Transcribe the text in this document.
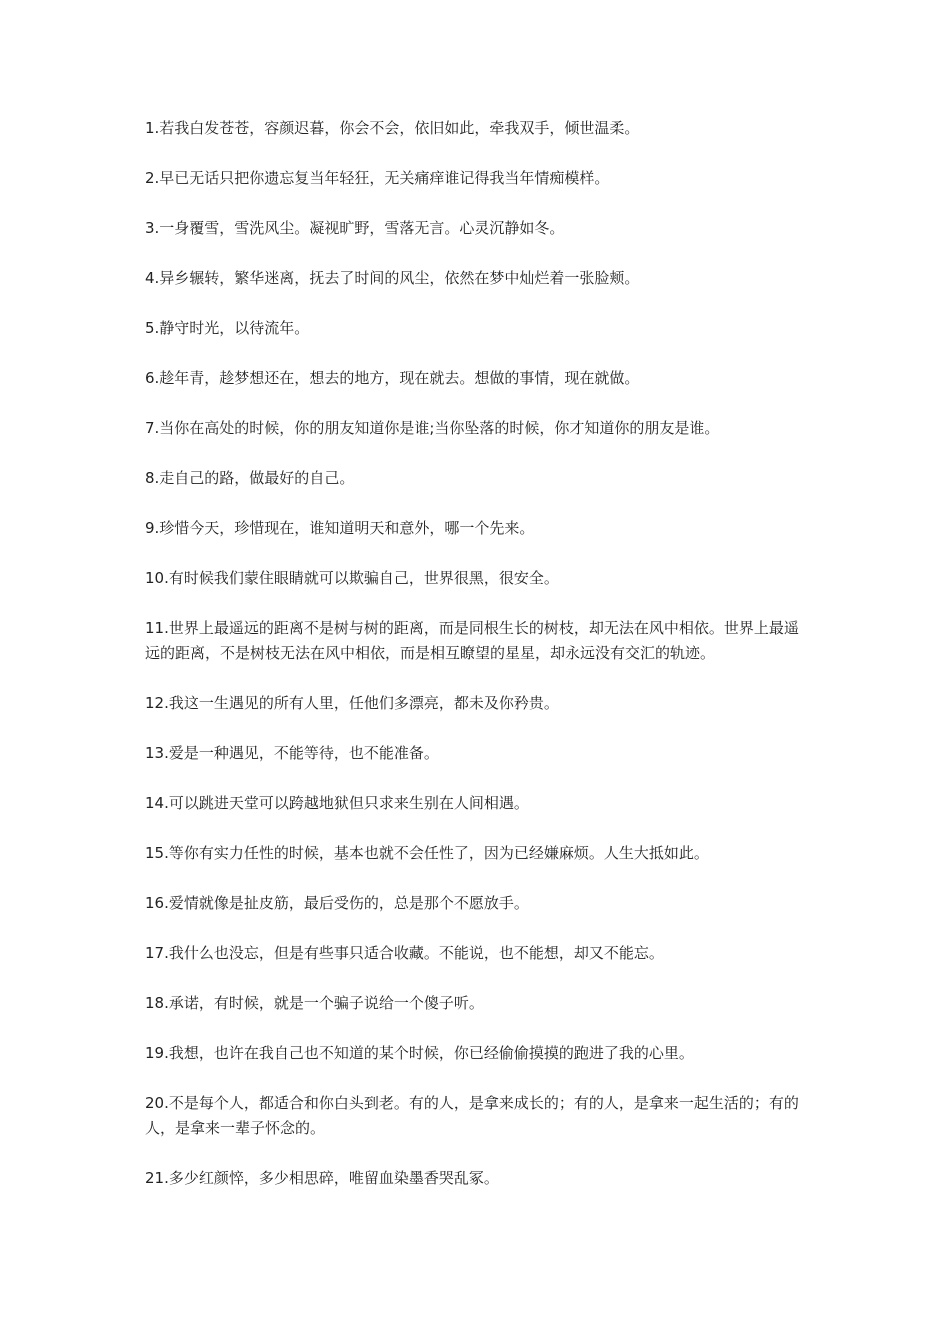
1.若我白发苍苍，容颜迟暮，你会不会，依旧如此，牵我双手，倾世温柔。

2.早已无话只把你遗忘复当年轻狂，无关痛痒谁记得我当年情痴模样。

3.一身覆雪，雪洗风尘。凝视旷野，雪落无言。心灵沉静如冬。

4.异乡辗转，繁华迷离，抚去了时间的风尘，依然在梦中灿烂着一张脸颊。

5.静守时光，以待流年。

6.趁年青，趁梦想还在，想去的地方，现在就去。想做的事情，现在就做。

7.当你在高处的时候，你的朋友知道你是谁;当你坠落的时候，你才知道你的朋友是谁。

8.走自己的路，做最好的自己。

9.珍惜今天，珍惜现在，谁知道明天和意外，哪一个先来。

10.有时候我们蒙住眼睛就可以欺骗自己，世界很黑，很安全。

11.世界上最遥远的距离不是树与树的距离，而是同根生长的树枝，却无法在风中相依。世界上最遥远的距离，不是树枝无法在风中相依，而是相互瞭望的星星，却永远没有交汇的轨迹。

12.我这一生遇见的所有人里，任他们多漂亮，都未及你矜贵。

13.爱是一种遇见，不能等待，也不能准备。

14.可以跳进天堂可以跨越地狱但只求来生别在人间相遇。

15.等你有实力任性的时候，基本也就不会任性了，因为已经嫌麻烦。人生大抵如此。

16.爱情就像是扯皮筋，最后受伤的，总是那个不愿放手。

17.我什么也没忘，但是有些事只适合收藏。不能说，也不能想，却又不能忘。

18.承诺，有时候，就是一个骗子说给一个傻子听。

19.我想，也许在我自己也不知道的某个时候，你已经偷偷摸摸的跑进了我的心里。

20.不是每个人，都适合和你白头到老。有的人，是拿来成长的；有的人，是拿来一起生活的；有的人，是拿来一辈子怀念的。

21.多少红颜悴，多少相思碎，唯留血染墨香哭乱冢。
